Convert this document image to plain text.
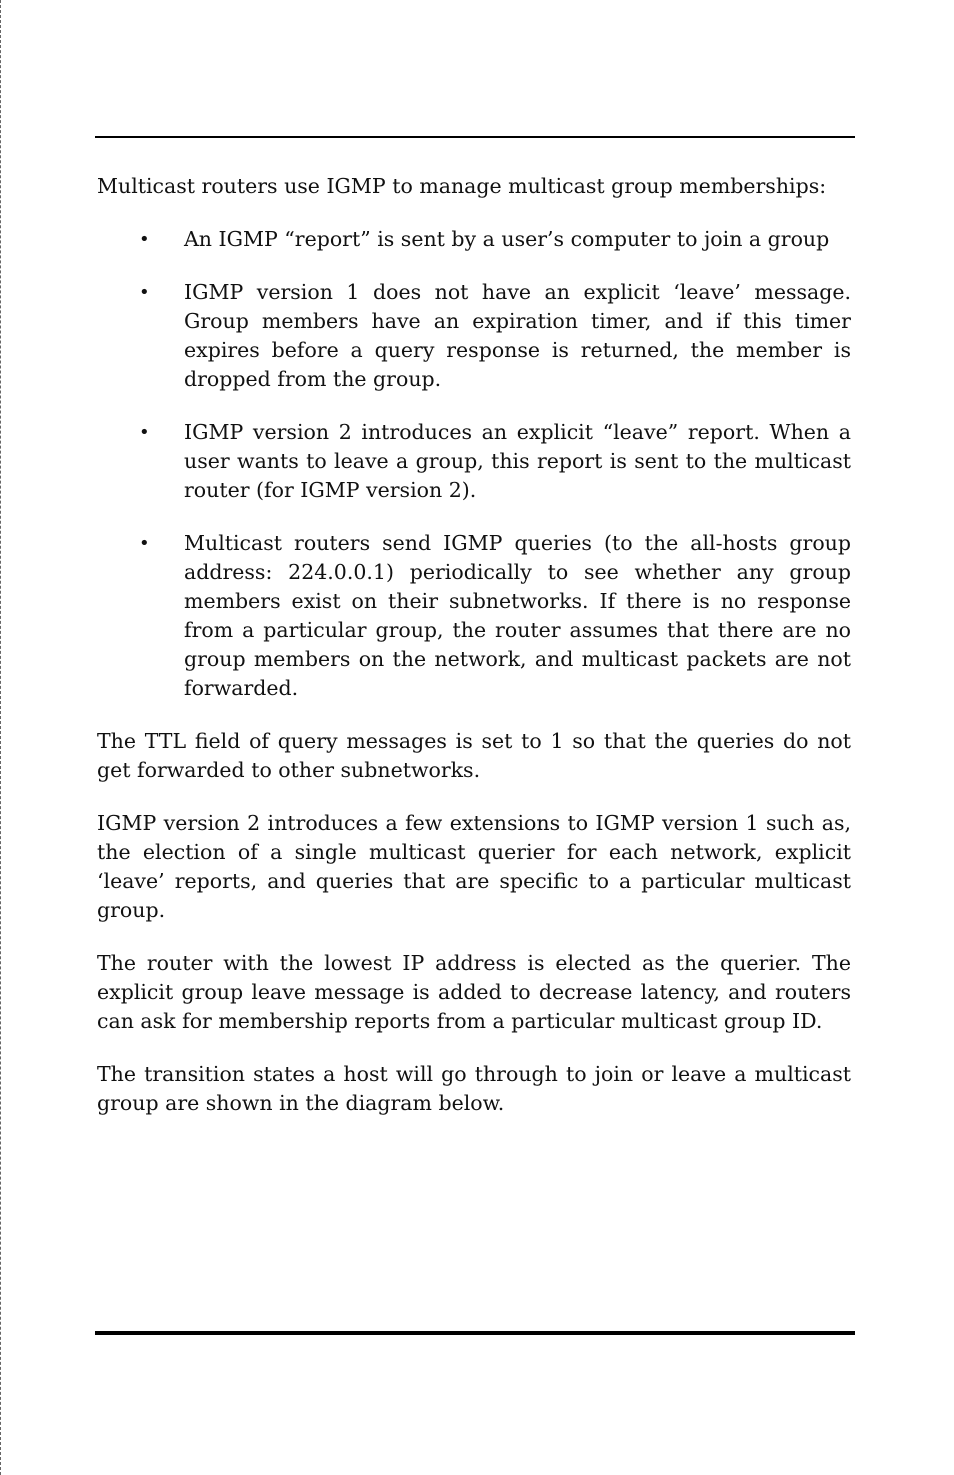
Multicast routers use IGMP to manage multicast group memberships:

• An IGMP “report” is sent by a user’s computer to join a group
• IGMP version 1 does not have an explicit ‘leave’ message. Group members have an expiration timer, and if this timer expires before a query response is returned, the member is dropped from the group.
• IGMP version 2 introduces an explicit “leave” report. When a user wants to leave a group, this report is sent to the multicast router (for IGMP version 2).
• Multicast routers send IGMP queries (to the all-hosts group address: 224.0.0.1) periodically to see whether any group members exist on their subnetworks. If there is no response from a particular group, the router assumes that there are no group members on the network, and multicast packets are not forwarded.

The TTL field of query messages is set to 1 so that the queries do not get forwarded to other subnetworks.

IGMP version 2 introduces a few extensions to IGMP version 1 such as, the election of a single multicast querier for each network, explicit ‘leave’ reports, and queries that are specific to a particular multicast group.

The router with the lowest IP address is elected as the querier. The explicit group leave message is added to decrease latency, and routers can ask for membership reports from a particular multicast group ID.

The transition states a host will go through to join or leave a multicast group are shown in the diagram below.
